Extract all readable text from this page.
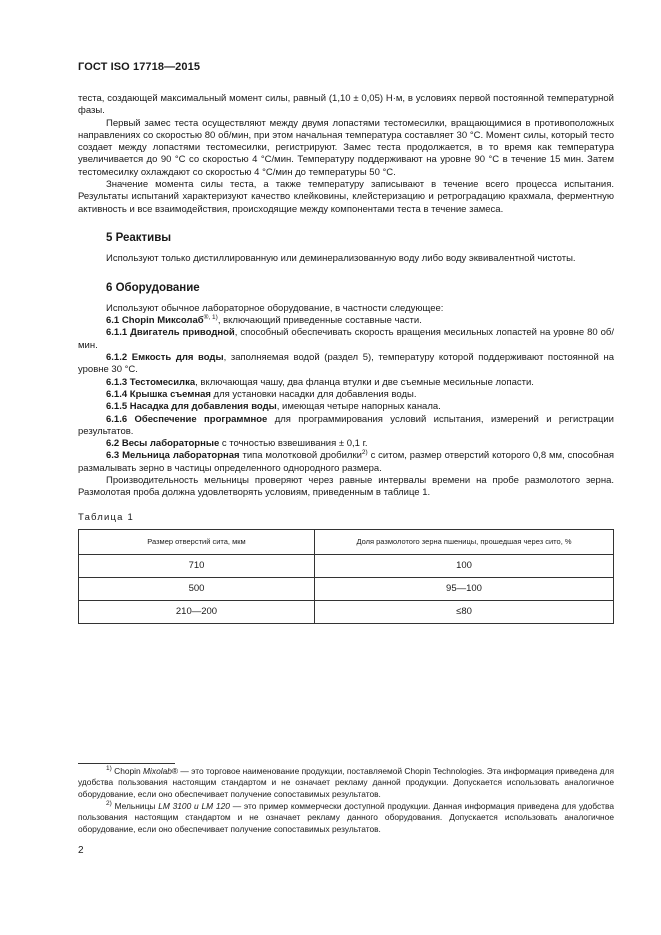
ГОСТ ISO 17718—2015

теста, создающей максимальный момент силы, равный (1,10 ± 0,05) Н·м, в условиях первой постоянной температурной фазы.

Первый замес теста осуществляют между двумя лопастями тестомесилки, вращающимися в противоположных направлениях со скоростью 80 об/мин, при этом начальная температура составляет 30 °С. Момент силы, который тесто создает между лопастями тестомесилки, регистрируют. Замес теста продолжается, в то время как температура увеличивается до 90 °С со скоростью 4 °С/мин. Температуру поддерживают на уровне 90 °С в течение 15 мин. Затем тестомесилку охлаждают со скоростью 4 °С/мин до температуры 50 °С.

Значение момента силы теста, а также температуру записывают в течение всего процесса испытания. Результаты испытаний характеризуют качество клейковины, клейстеризацию и ретроградацию крахмала, ферментную активность и все взаимодействия, происходящие между компонентами теста в течение замеса.

5 Реактивы

Используют только дистиллированную или деминерализованную воду либо воду эквивалентной чистоты.

6 Оборудование

Используют обычное лабораторное оборудование, в частности следующее:

6.1 Chopin Миксолаб$^{®, 1)}$, включающий приведенные составные части.

6.1.1 Двигатель приводной, способный обеспечивать скорость вращения месильных лопастей на уровне 80 об/мин.

6.1.2 Емкость для воды, заполняемая водой (раздел 5), температуру которой поддерживают постоянной на уровне 30 °С.

6.1.3 Тестомесилка, включающая чашу, два фланца втулки и две съемные месильные лопасти.

6.1.4 Крышка съемная для установки насадки для добавления воды.

6.1.5 Насадка для добавления воды, имеющая четыре напорных канала.

6.1.6 Обеспечение программное для программирования условий испытания, измерений и регистрации результатов.

6.2 Весы лабораторные с точностью взвешивания ± 0,1 г.

6.3 Мельница лабораторная типа молотковой дробилки$^{2)}$ с ситом, размер отверстий которого 0,8 мм, способная размалывать зерно в частицы определенного однородного размера.

Производительность мельницы проверяют через равные интервалы времени на пробе размолотого зерна. Размолотая проба должна удовлетворять условиям, приведенным в таблице 1.

Таблица 1

Размер отверстий сита, мкм	Доля размолотого зерна пшеницы, прошедшая через сито, %
710	100
500	95—100
210—200	≤80

$^{1)}$ Chopin Mixolab® — это торговое наименование продукции, поставляемой Chopin Technologies. Эта информация приведена для удобства пользования настоящим стандартом и не означает рекламу данной продукции. Допускается использовать аналогичное оборудование, если оно обеспечивает получение сопоставимых результатов.

$^{2)}$ Мельницы LM 3100 и LM 120 — это пример коммерчески доступной продукции. Данная информация приведена для удобства пользования настоящим стандартом и не означает рекламу данного оборудования. Допускается использовать аналогичное оборудование, если оно обеспечивает получение сопоставимых результатов.

2
